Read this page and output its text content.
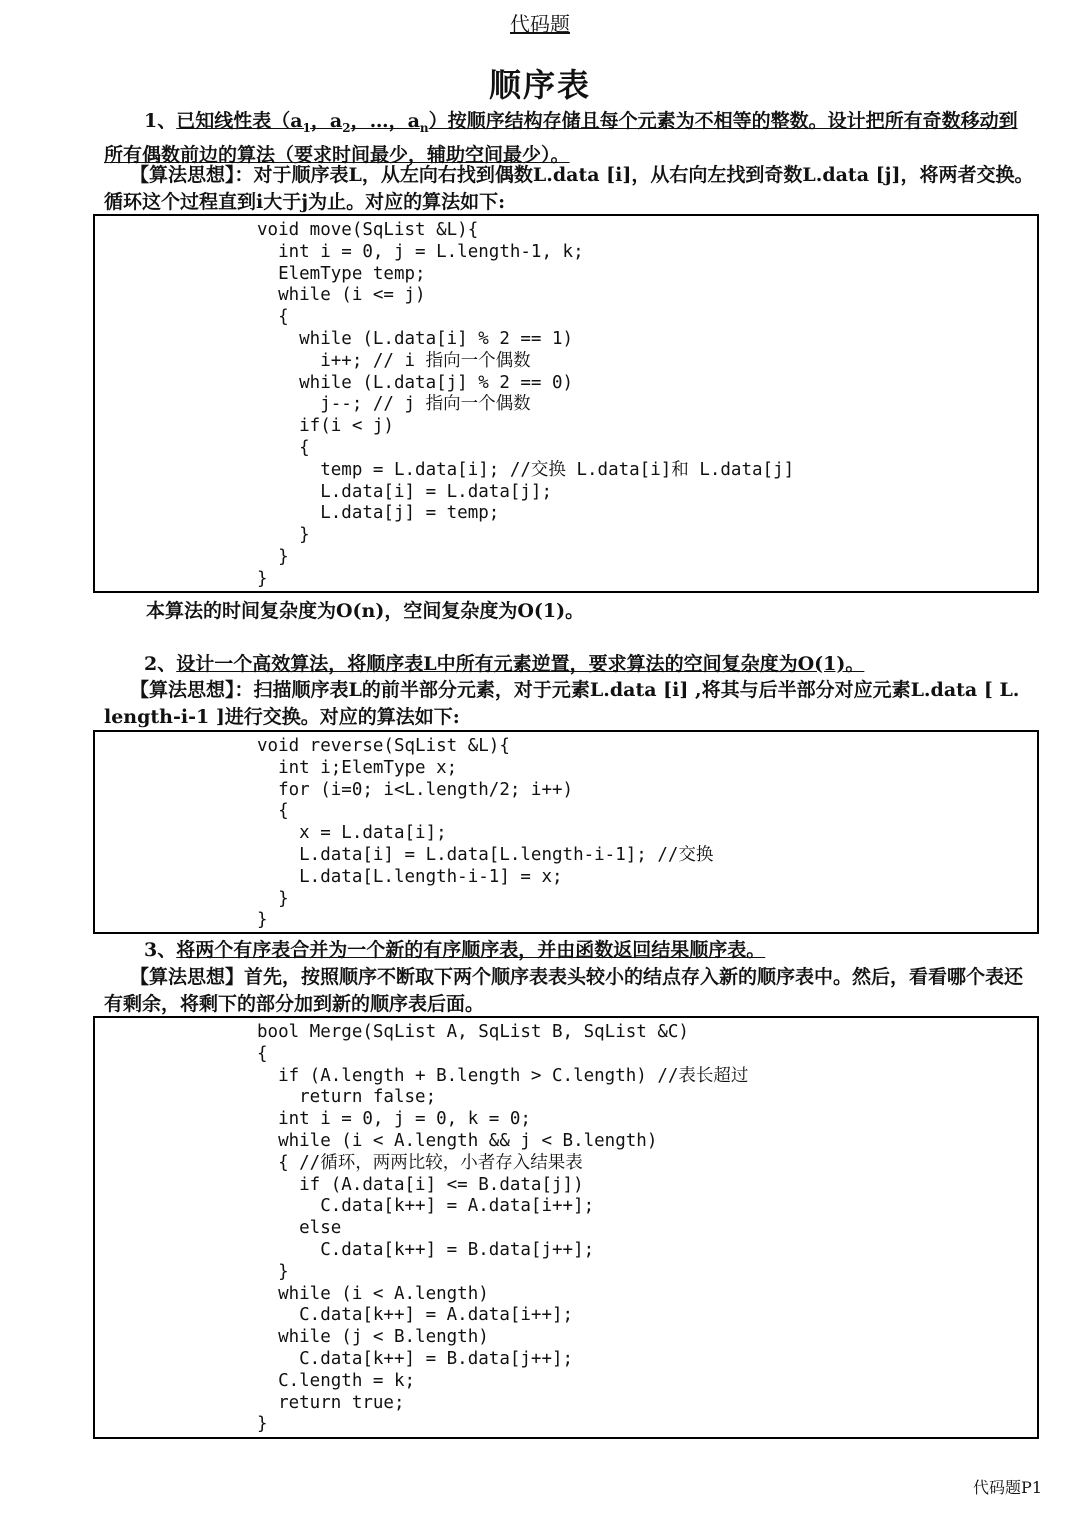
代码题
顺序表
1、已知线性表（$a_1$，$a_2$，…，$a_n$）按顺序结构存储且每个元素为不相等的整数。设计把所有奇数移动到所有偶数前边的算法（要求时间最少，辅助空间最少）。
【算法思想】：对于顺序表L，从左向右找到偶数L.data [i]，从右向左找到奇数L.data [j]，将两者交换。循环这个过程直到i大于j为止。对应的算法如下:
void move(SqList &L){
int i = 0, j = L.length-1, k;
ElemType temp;
while (i <= j)
{
while (L.data[i] % 2 == 1)
i++; // i 指向一个偶数
while (L.data[j] % 2 == 0)
j--; // j 指向一个偶数
if(i < j)
{
temp = L.data[i]; //交换 L.data[i]和 L.data[j]
L.data[i] = L.data[j];
L.data[j] = temp;
}
}
}
本算法的时间复杂度为O(n)，空间复杂度为O(1)。
2、设计一个高效算法，将顺序表L中所有元素逆置，要求算法的空间复杂度为O(1)。
【算法思想】：扫描顺序表L的前半部分元素，对于元素L.data [i] ,将其与后半部分对应元素L.data [ L. length-i-1 ]进行交换。对应的算法如下:
void reverse(SqList &L){
int i;ElemType x;
for (i=0; i<L.length/2; i++)
{
x = L.data[i];
L.data[i] = L.data[L.length-i-1]; //交换
L.data[L.length-i-1] = x;
}
}
3、将两个有序表合并为一个新的有序顺序表，并由函数返回结果顺序表。
【算法思想】首先，按照顺序不断取下两个顺序表表头较小的结点存入新的顺序表中。然后，看看哪个表还有剩余，将剩下的部分加到新的顺序表后面。
bool Merge(SqList A, SqList B, SqList &C)
{
if (A.length + B.length > C.length) //表长超过
return false;
int i = 0, j = 0, k = 0;
while (i < A.length && j < B.length)
{ //循环，两两比较，小者存入结果表
if (A.data[i] <= B.data[j])
C.data[k++] = A.data[i++];
else
C.data[k++] = B.data[j++];
}
while (i < A.length)
C.data[k++] = A.data[i++];
while (j < B.length)
C.data[k++] = B.data[j++];
C.length = k;
return true;
}
代码题P1
